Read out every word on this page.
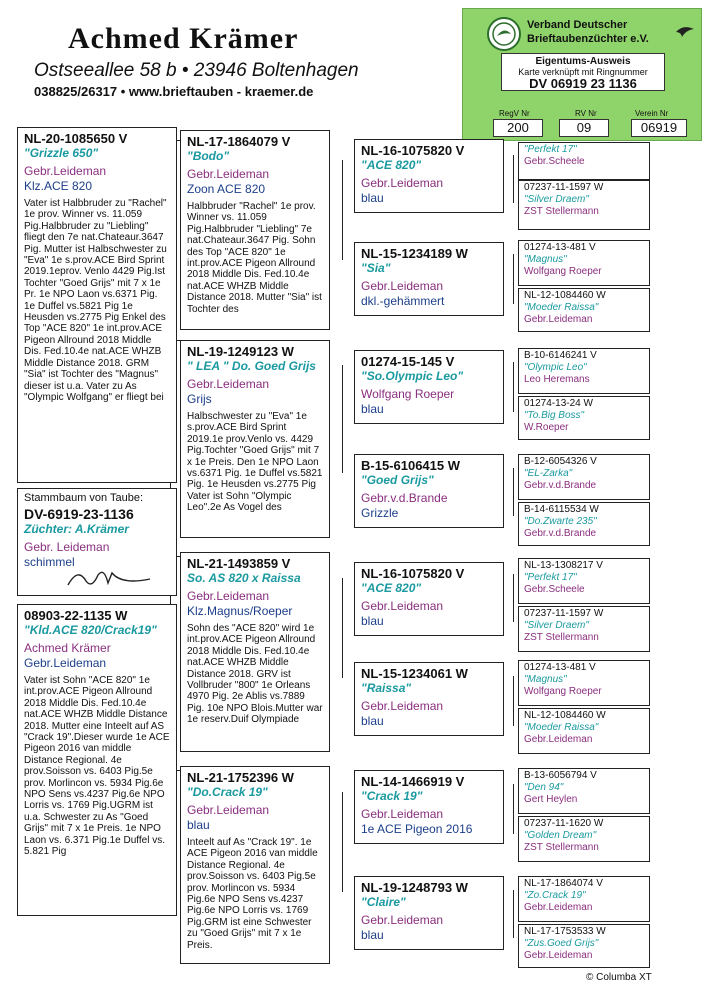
Achmed Krämer
Ostseeallee 58 b • 23946 Boltenhagen
038825/26317 • www.brieftauben - kraemer.de
Verband Deutscher
Brieftaubenzüchter e.V.
Eigentums-Ausweis
Karte verknüpft mit Ringnummer
DV 06919 23 1136
RegV Nr	RV Nr	Verein Nr
200	09	06919
NL-20-1085650 V
"Grizzle 650"
Gebr.Leideman
Klz.ACE 820
Vater ist Halbbruder zu "Rachel" 1e prov. Winner vs. 11.059 Pig.Halbbruder zu "Liebling" fliegt den 7e nat.Chateaur.3647 Pig. Mutter ist Halbschwester zu "Eva" 1e s.prov.ACE Bird Sprint 2019.1eprov. Venlo 4429 Pig.Ist Tochter "Goed Grijs" mit 7 x 1e Pr. 1e NPO Laon vs.6371 Pig. 1e Duffel vs.5821 Pig 1e Heusden vs.2775 Pig Enkel des Top "ACE 820" 1e int.prov.ACE Pigeon Allround 2018 Middle Dis. Fed.10.4e nat.ACE WHZB Middle Distance 2018. GRM "Sia" ist Tochter des "Magnus" dieser ist u.a. Vater zu As "Olympic Wolfgang" er fliegt bei
Stammbaum von Taube:
DV-6919-23-1136
Züchter: A.Krämer
Gebr. Leideman
schimmel
08903-22-1135 W
"Kld.ACE 820/Crack19"
Achmed Krämer
Gebr.Leideman
Vater ist Sohn "ACE 820" 1e int.prov.ACE Pigeon Allround 2018 Middle Dis. Fed.10.4e nat.ACE WHZB Middle Distance 2018. Mutter eine Inteelt auf AS "Crack 19".Dieser wurde 1e ACE Pigeon 2016 van middle Distance Regional. 4e prov.Soisson vs. 6403 Pig.5e prov. Morlincon vs. 5934 Pig.6e NPO Sens vs.4237 Pig.6e NPO Lorris vs. 1769 Pig.UGRM ist u.a. Schwester zu As "Goed Grijs" mit 7 x 1e Preis. 1e NPO Laon vs. 6.371 Pig.1e Duffel vs. 5.821 Pig
NL-17-1864079 V
"Bodo"
Gebr.Leideman
Zoon ACE 820
Halbbruder "Rachel" 1e prov. Winner vs. 11.059 Pig.Halbbruder "Liebling" 7e nat.Chateaur.3647 Pig. Sohn des Top "ACE 820" 1e int.prov.ACE Pigeon Allround 2018 Middle Dis. Fed.10.4e nat.ACE WHZB Middle Distance 2018. Mutter "Sia" ist Tochter des
NL-19-1249123 W
" LEA " Do. Goed Grijs
Gebr.Leideman
Grijs
Halbschwester zu "Eva" 1e s.prov.ACE Bird Sprint 2019.1e prov.Venlo vs. 4429 Pig.Tochter "Goed Grijs" mit 7 x 1e Preis. Den 1e NPO Laon vs.6371 Pig. 1e Duffel vs.5821 Pig. 1e Heusden vs.2775 Pig Vater ist Sohn "Olympic Leo".2e As Vogel des
NL-21-1493859 V
So. AS 820 x Raissa
Gebr.Leideman
Klz.Magnus/Roeper
Sohn des "ACE 820" wird 1e int.prov.ACE Pigeon Allround 2018 Middle Dis. Fed.10.4e nat.ACE WHZB Middle Distance 2018. GRV ist Vollbruder "800" 1e Orleans 4970 Pig. 2e Ablis vs.7889 Pig. 10e NPO Blois.Mutter war 1e reserv.Duif Olympiade
NL-21-1752396 W
"Do.Crack 19"
Gebr.Leideman
blau
Inteelt auf As "Crack 19". 1e ACE Pigeon 2016 van middle Distance Regional. 4e prov.Soisson vs. 6403 Pig.5e prov. Morlincon vs. 5934 Pig.6e NPO Sens vs.4237 Pig.6e NPO Lorris vs. 1769 Pig.GRM ist eine Schwester zu "Goed Grijs" mit 7 x 1e Preis.
NL-16-1075820 V
"ACE 820"
Gebr.Leideman
blau
NL-15-1234189 W
"Sia"
Gebr.Leideman
dkl.-gehämmert
01274-15-145 V
"So.Olympic Leo"
Wolfgang Roeper
blau
B-15-6106415 W
"Goed Grijs"
Gebr.v.d.Brande
Grizzle
NL-16-1075820 V
"ACE 820"
Gebr.Leideman
blau
NL-15-1234061 W
"Raissa"
Gebr.Leideman
blau
NL-14-1466919 V
"Crack 19"
Gebr.Leideman
1e ACE Pigeon 2016
NL-19-1248793 W
"Claire"
Gebr.Leideman
blau
"Perfekt 17"
Gebr.Scheele
07237-11-1597 W
"Silver Draem"
ZST Stellermann
01274-13-481 V
"Magnus"
Wolfgang Roeper
NL-12-1084460 W
"Moeder Raissa"
Gebr.Leideman
B-10-6146241 V
"Olympic Leo"
Leo Heremans
01274-13-24 W
"To.Big Boss"
W.Roeper
B-12-6054326 V
"EL-Zarka"
Gebr.v.d.Brande
B-14-6115534 W
"Do.Zwarte 235"
Gebr.v.d.Brande
NL-13-1308217 V
"Perfekt 17"
Gebr.Scheele
07237-11-1597 W
"Silver Draem"
ZST Stellermann
01274-13-481 V
"Magnus"
Wolfgang Roeper
NL-12-1084460 W
"Moeder Raissa"
Gebr.Leideman
B-13-6056794 V
"Den 94"
Gert Heylen
07237-11-1620 W
"Golden Dream"
ZST Stellermann
NL-17-1864074 V
"Zo.Crack 19"
Gebr.Leideman
NL-17-1753533 W
"Zus.Goed Grijs"
Gebr.Leideman
© Columba XT
